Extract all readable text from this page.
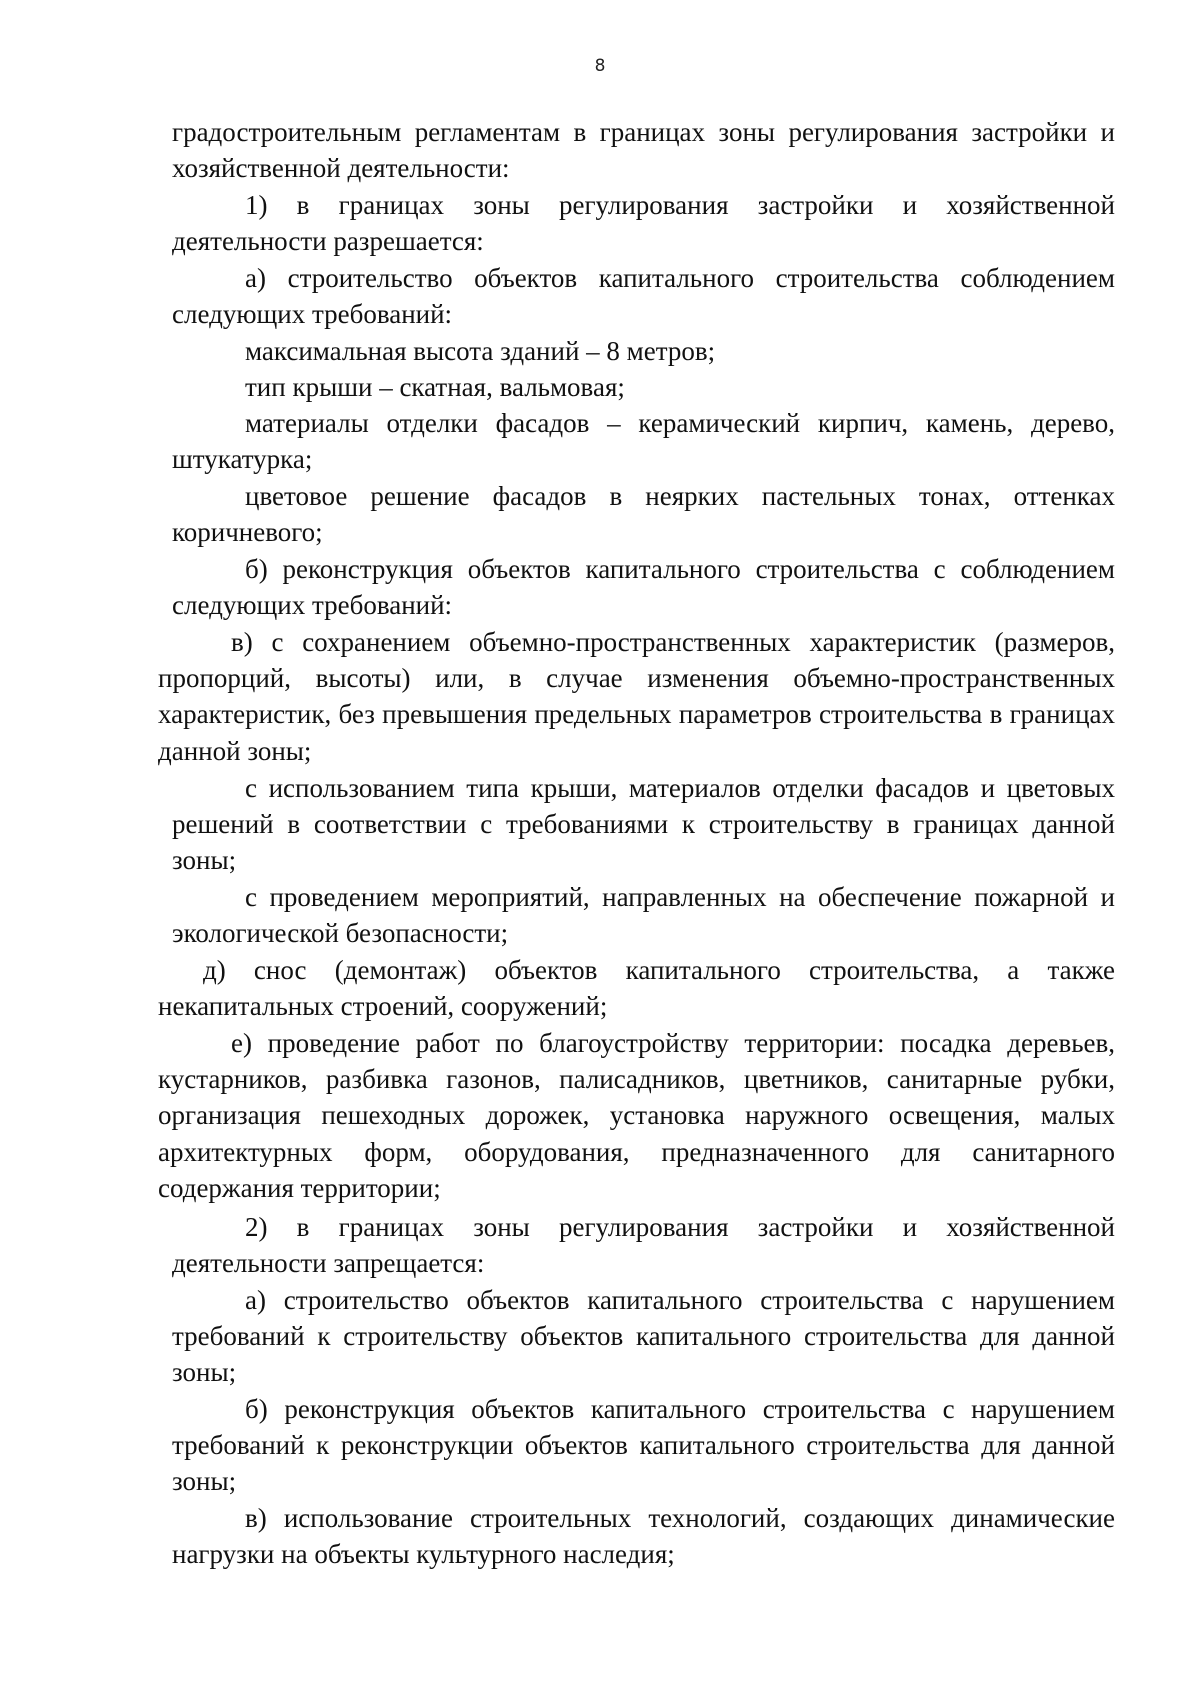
8

градостроительным регламентам в границах зоны регулирования застройки и хозяйственной деятельности:

1) в границах зоны регулирования застройки и хозяйственной деятельности разрешается:

а) строительство объектов капитального строительства соблюдением следующих требований:

максимальная высота зданий – 8 метров;

тип крыши – скатная, вальмовая;

материалы отделки фасадов – керамический кирпич, камень, дерево, штукатурка;

цветовое решение фасадов в неярких пастельных тонах, оттенках коричневого;

б) реконструкция объектов капитального строительства с соблюдением следующих требований:

в) с сохранением объемно-пространственных характеристик (размеров, пропорций, высоты) или, в случае изменения объемно-пространственных характеристик, без превышения предельных параметров строительства в границах данной зоны;

с использованием типа крыши, материалов отделки фасадов и цветовых решений в соответствии с требованиями к строительству в границах данной зоны;

с проведением мероприятий, направленных на обеспечение пожарной и экологической безопасности;

д) снос (демонтаж) объектов капитального строительства, а также некапитальных строений, сооружений;

е) проведение работ по благоустройству территории: посадка деревьев, кустарников, разбивка газонов, палисадников, цветников, санитарные рубки, организация пешеходных дорожек, установка наружного освещения, малых архитектурных форм, оборудования, предназначенного для санитарного содержания территории;

2) в границах зоны регулирования застройки и хозяйственной деятельности запрещается:

а) строительство объектов капитального строительства с нарушением требований к строительству объектов капитального строительства для данной зоны;

б) реконструкция объектов капитального строительства с нарушением требований к реконструкции объектов капитального строительства для данной зоны;

в) использование строительных технологий, создающих динамические нагрузки на объекты культурного наследия;
